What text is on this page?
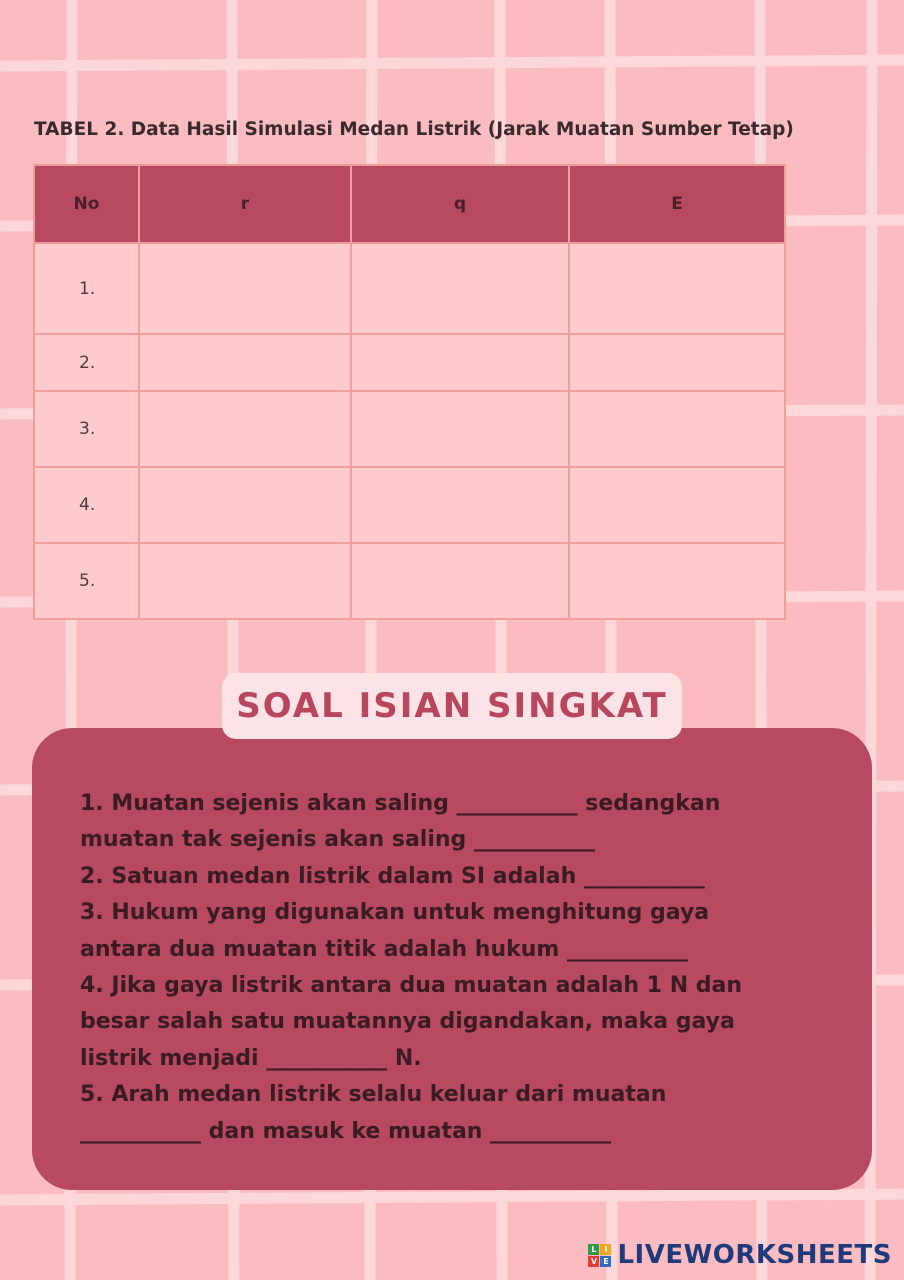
TABEL 2. Data Hasil Simulasi Medan Listrik (Jarak Muatan Sumber Tetap)
No	r	q	E
1.			
2.			
3.			
4.			
5.			
SOAL ISIAN SINGKAT
1. Muatan sejenis akan saling ___________ sedangkan
muatan tak sejenis akan saling ___________
2. Satuan medan listrik dalam SI adalah ___________
3. Hukum yang digunakan untuk menghitung gaya
antara dua muatan titik adalah hukum ___________
4. Jika gaya listrik antara dua muatan adalah 1 N dan
besar salah satu muatannya digandakan, maka gaya
listrik menjadi ___________ N.
5. Arah medan listrik selalu keluar dari muatan
___________ dan masuk ke muatan ___________
L I
V E LIVEWORKSHEETS
